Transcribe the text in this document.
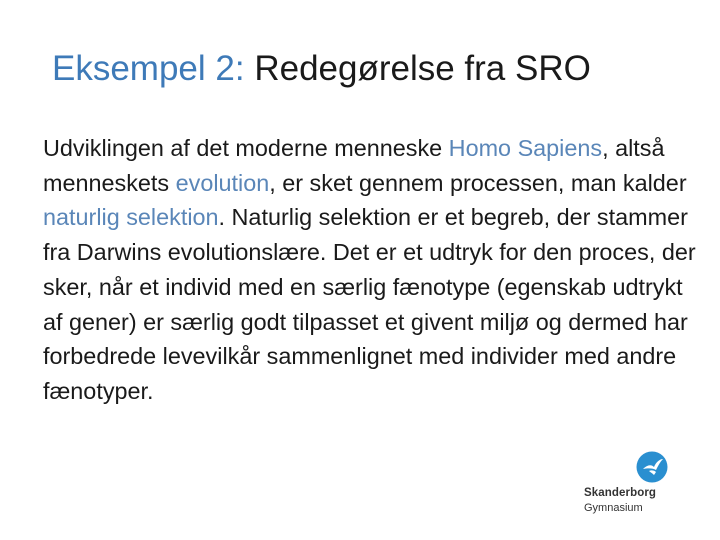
Eksempel 2: Redegørelse fra SRO

Udviklingen af det moderne menneske Homo Sapiens, altså menneskets evolution, er sket gennem processen, man kalder naturlig selektion. Naturlig selektion er et begreb, der stammer fra Darwins evolutionslære. Det er et udtryk for den proces, der sker, når et individ med en særlig fænotype (egenskab udtrykt af gener) er særlig godt tilpasset et givent miljø og dermed har forbedrede levevilkår sammenlignet med individer med andre fænotyper.

Skanderborg
Gymnasium
